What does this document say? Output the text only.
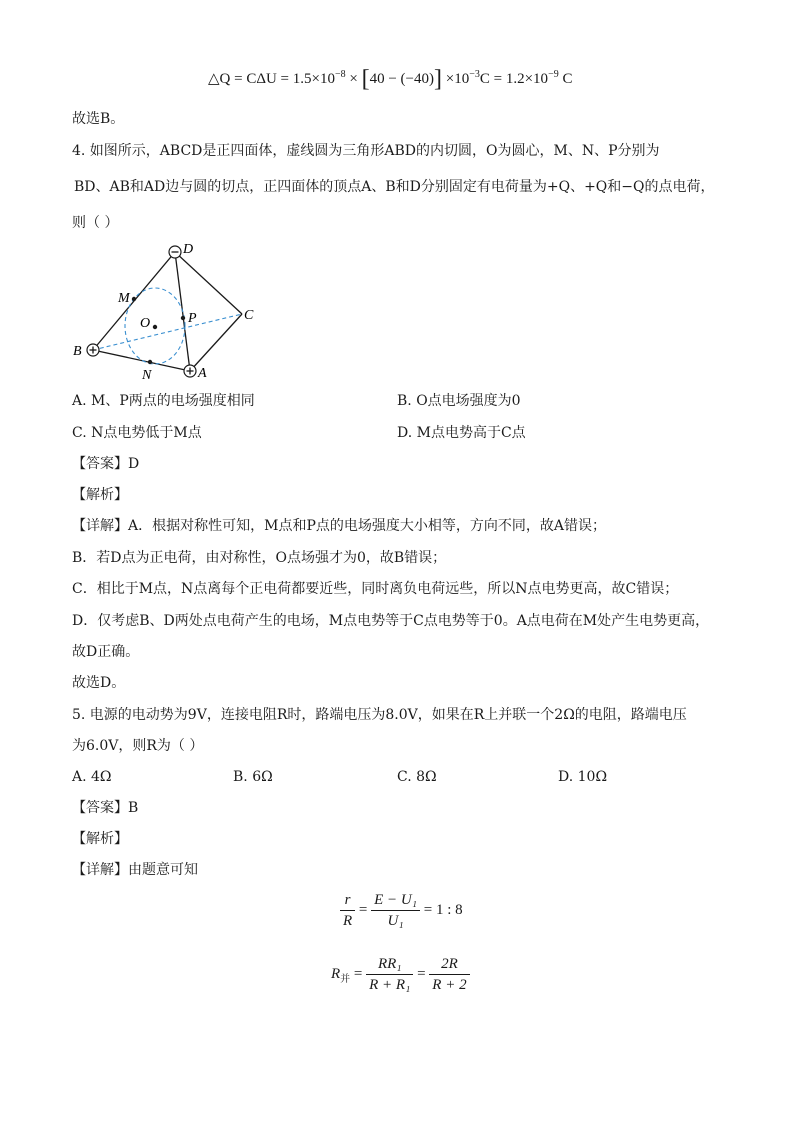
△Q = $C\Delta U = 1.5\times 10^{-8} \times [40 - (-40)] \times 10^{-3}C = 1.2\times 10^{-9}$ C
故选B。
4. 如图所示，ABCD是正四面体，虚线圆为三角形ABD的内切圆，O为圆心，M、N、P分别为
BD、AB和AD边与圆的切点，正四面体的顶点A、B和D分别固定有电荷量为+Q、+Q和−Q的点电荷，
则（ ）
D
C
M
O	P
B
N	A
A. M、P两点的电场强度相同	B. O点电场强度为0
C. N点电势低于M点	D. M点电势高于C点
【答案】D
【解析】
【详解】A．根据对称性可知，M点和P点的电场强度大小相等，方向不同，故A错误；
B．若D点为正电荷，由对称性，O点场强才为0，故B错误；
C．相比于M点，N点离每个正电荷都要近些，同时离负电荷远些，所以N点电势更高，故C错误；
D．仅考虑B、D两处点电荷产生的电场，M点电势等于C点电势等于0。A点电荷在M处产生电势更高，
故D正确。
故选D。
5. 电源的电动势为9V，连接电阻R时，路端电压为8.0V，如果在R上并联一个2Ω的电阻，路端电压
为6.0V，则R为（ ）
A. 4Ω	B. 6Ω	C. 8Ω	D. 10Ω
【答案】B
【解析】
【详解】由题意可知
$\frac{r}{R} = \frac{\text{E − U₁}}{\text{U₁}} = 1$ : 8
$R_并 = \frac{\text{RR₁}}{\text{R + R₁}} = \frac{2R}{R + 2}$
